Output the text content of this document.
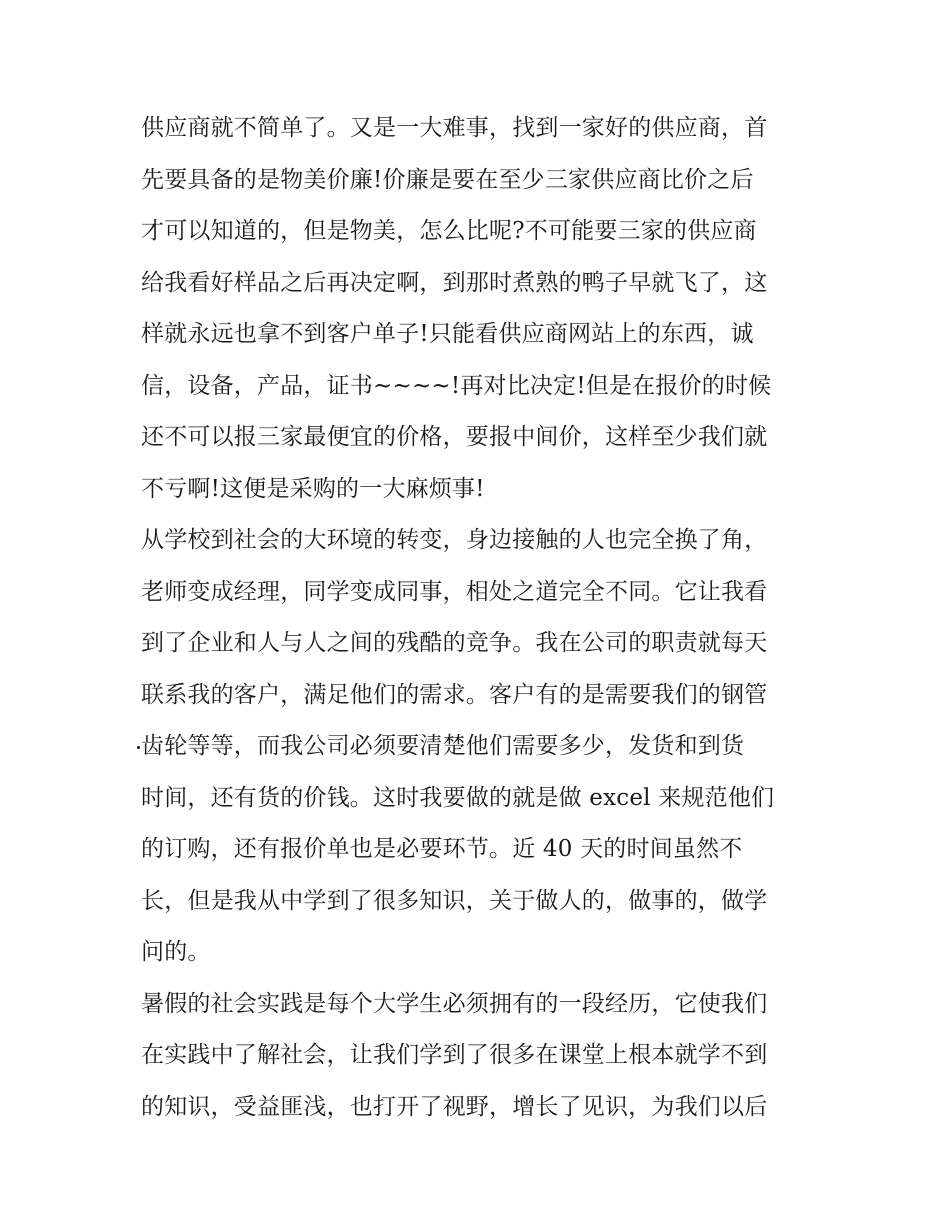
供应商就不简单了。又是一大难事，找到一家好的供应商，首
先要具备的是物美价廉!价廉是要在至少三家供应商比价之后
才可以知道的，但是物美，怎么比呢?不可能要三家的供应商
给我看好样品之后再决定啊，到那时煮熟的鸭子早就飞了，这
样就永远也拿不到客户单子!只能看供应商网站上的东西，诚
信，设备，产品，证书~~~~!再对比决定!但是在报价的时候
还不可以报三家最便宜的价格，要报中间价，这样至少我们就
不亏啊!这便是采购的一大麻烦事!
从学校到社会的大环境的转变，身边接触的人也完全换了角，
老师变成经理，同学变成同事，相处之道完全不同。它让我看
到了企业和人与人之间的残酷的竞争。我在公司的职责就每天
联系我的客户，满足他们的需求。客户有的是需要我们的钢管
齿轮等等，而我公司必须要清楚他们需要多少，发货和到货
时间，还有货的价钱。这时我要做的就是做 excel 来规范他们
的订购，还有报价单也是必要环节。近 40 天的时间虽然不
长，但是我从中学到了很多知识，关于做人的，做事的，做学
问的。
暑假的社会实践是每个大学生必须拥有的一段经历，它使我们
在实践中了解社会，让我们学到了很多在课堂上根本就学不到
的知识，受益匪浅，也打开了视野，增长了见识，为我们以后
